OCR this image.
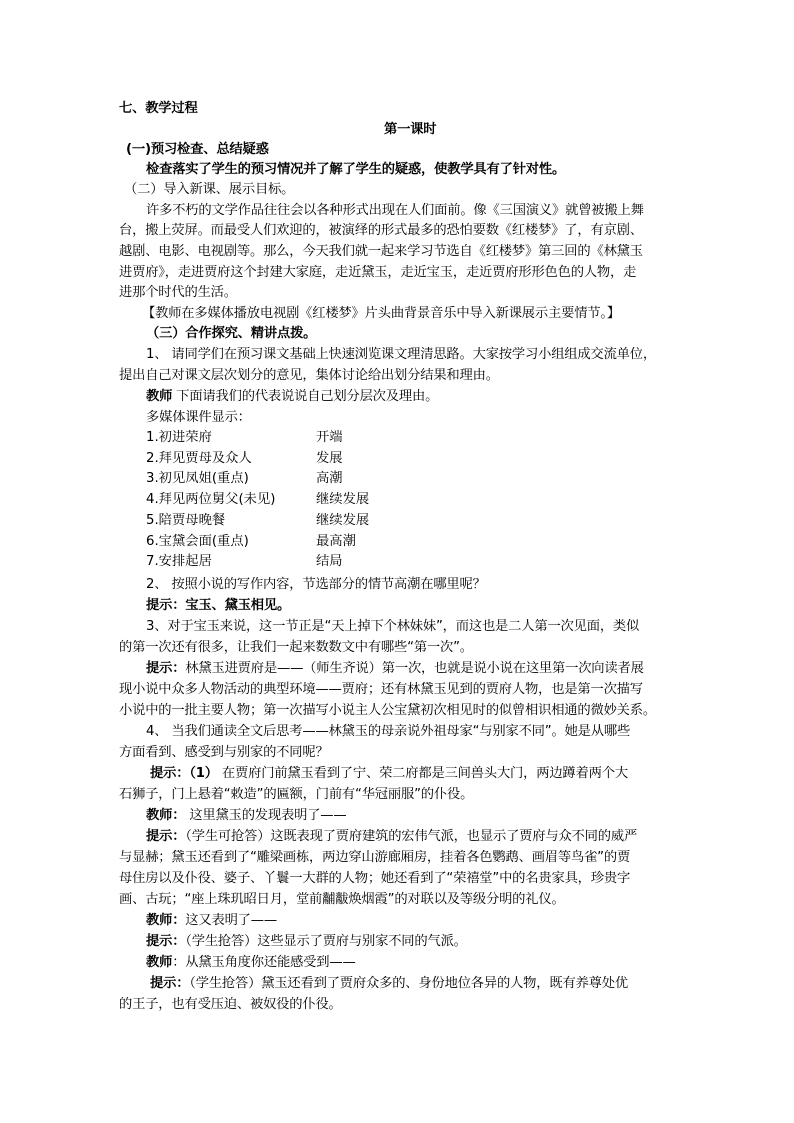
七、教学过程
第一课时
(一)预习检查、总结疑惑
检查落实了学生的预习情况并了解了学生的疑惑，使教学具有了针对性。
（二）导入新课、展示目标。
许多不朽的文学作品往往会以各种形式出现在人们面前。像《三国演义》就曾被搬上舞
台，搬上荧屏。而最受人们欢迎的，被演绎的形式最多的恐怕要数《红楼梦》了，有京剧、
越剧、电影、电视剧等。那么，今天我们就一起来学习节选自《红楼梦》第三回的《林黛玉
进贾府》，走进贾府这个封建大家庭，走近黛玉，走近宝玉，走近贾府形形色色的人物，走
进那个时代的生活。
【教师在多媒体播放电视剧《红楼梦》片头曲背景音乐中导入新课展示主要情节。】
（三）合作探究、精讲点拨。
1、 请同学们在预习课文基础上快速浏览课文理清思路。大家按学习小组组成交流单位，
提出自己对课文层次划分的意见，集体讨论给出划分结果和理由。
教师 下面请我们的代表说说自己划分层次及理由。
多媒体课件显示：
1.初进荣府	开端
2.拜见贾母及众人	发展
3.初见凤姐(重点)	高潮
4.拜见两位舅父(未见)	继续发展
5.陪贾母晚餐	继续发展
6.宝黛会面(重点)	最高潮
7.安排起居	结局
2、 按照小说的写作内容，节选部分的情节高潮在哪里呢？
提示：宝玉、黛玉相见。
3、对于宝玉来说，这一节正是“天上掉下个林妹妹”，而这也是二人第一次见面，类似
的第一次还有很多，让我们一起来数数文中有哪些“第一次”。
提示：林黛玉进贾府是——（师生齐说）第一次，也就是说小说在这里第一次向读者展
现小说中众多人物活动的典型环境——贾府；还有林黛玉见到的贾府人物，也是第一次描写
小说中的一批主要人物；第一次描写小说主人公宝黛初次相见时的似曾相识相通的微妙关系。
4、 当我们通读全文后思考——林黛玉的母亲说外祖母家“与别家不同”。她是从哪些
方面看到、感受到与别家的不同呢？
提示：（1） 在贾府门前黛玉看到了宁、荣二府都是三间兽头大门，两边蹲着两个大
石狮子，门上悬着“敕造”的匾额，门前有“华冠丽服”的仆役。
教师： 这里黛玉的发现表明了——
提示：（学生可抢答）这既表现了贾府建筑的宏伟气派，也显示了贾府与众不同的威严
与显赫；黛玉还看到了“雕梁画栋，两边穿山游廊厢房，挂着各色鹦鹉、画眉等鸟雀”的贾
母住房以及仆役、婆子、丫鬟一大群的人物；她还看到了“荣禧堂”中的名贵家具，珍贵字
画、古玩；“座上珠玑昭日月，堂前黼黻焕烟霞”的对联以及等级分明的礼仪。
教师：这又表明了——
提示：（学生抢答）这些显示了贾府与别家不同的气派。
教师：从黛玉角度你还能感受到——
提示：（学生抢答）黛玉还看到了贾府众多的、身份地位各异的人物，既有养尊处优
的王子，也有受压迫、被奴役的仆役。
